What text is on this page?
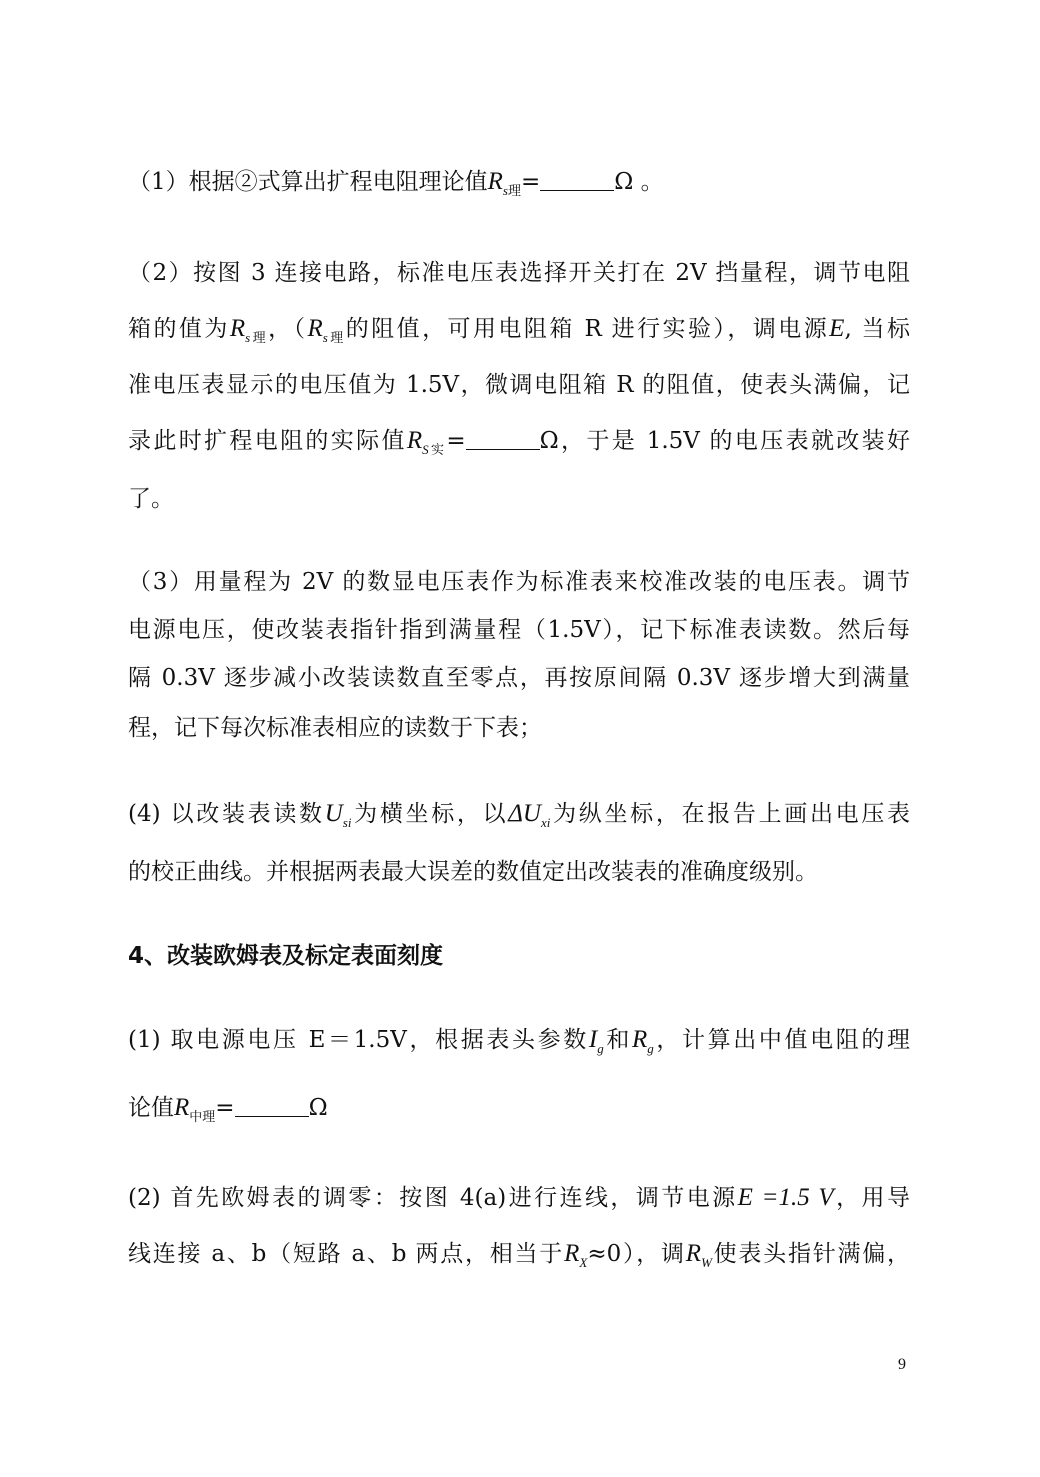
（1）根据②式算出扩程电阻理论值$R_{s理}=$	Ω 。
（2）按图 3 连接电路，标准电压表选择开关打在 2V 挡量程，调节电阻
箱的值为$R_{s理}$，（$R_{s理}$的阻值，可用电阻箱 R 进行实验），调电源E, 当标
准电压表显示的电压值为 1.5V，微调电阻箱 R 的阻值，使表头满偏，记
录此时扩程电阻的实际值$R_{S实}=$	Ω，于是 1.5V 的电压表就改装好
了。
（3）用量程为 2V 的数显电压表作为标准表来校准改装的电压表。调节
电源电压，使改装表指针指到满量程（1.5V），记下标准表读数。然后每
隔 0.3V 逐步减小改装读数直至零点，再按原间隔 0.3V 逐步增大到满量
程，记下每次标准表相应的读数于下表；
(4) 以改装表读数$U_{si}$为横坐标，以$\Delta U_{xi}$为纵坐标，在报告上画出电压表
的校正曲线。并根据两表最大误差的数值定出改装表的准确度级别。
4、改装欧姆表及标定表面刻度
(1) 取电源电压 E＝1.5V，根据表头参数$I_g$和$R_g$，计算出中值电阻的理
论值$R_{中理}=$	Ω
(2) 首先欧姆表的调零：按图 4(a)进行连线，调节电源E =1.5 V，用导
线连接 a、b（短路 a、b 两点，相当于$R_X\approx 0$），调$R_W$使表头指针满偏，
9
